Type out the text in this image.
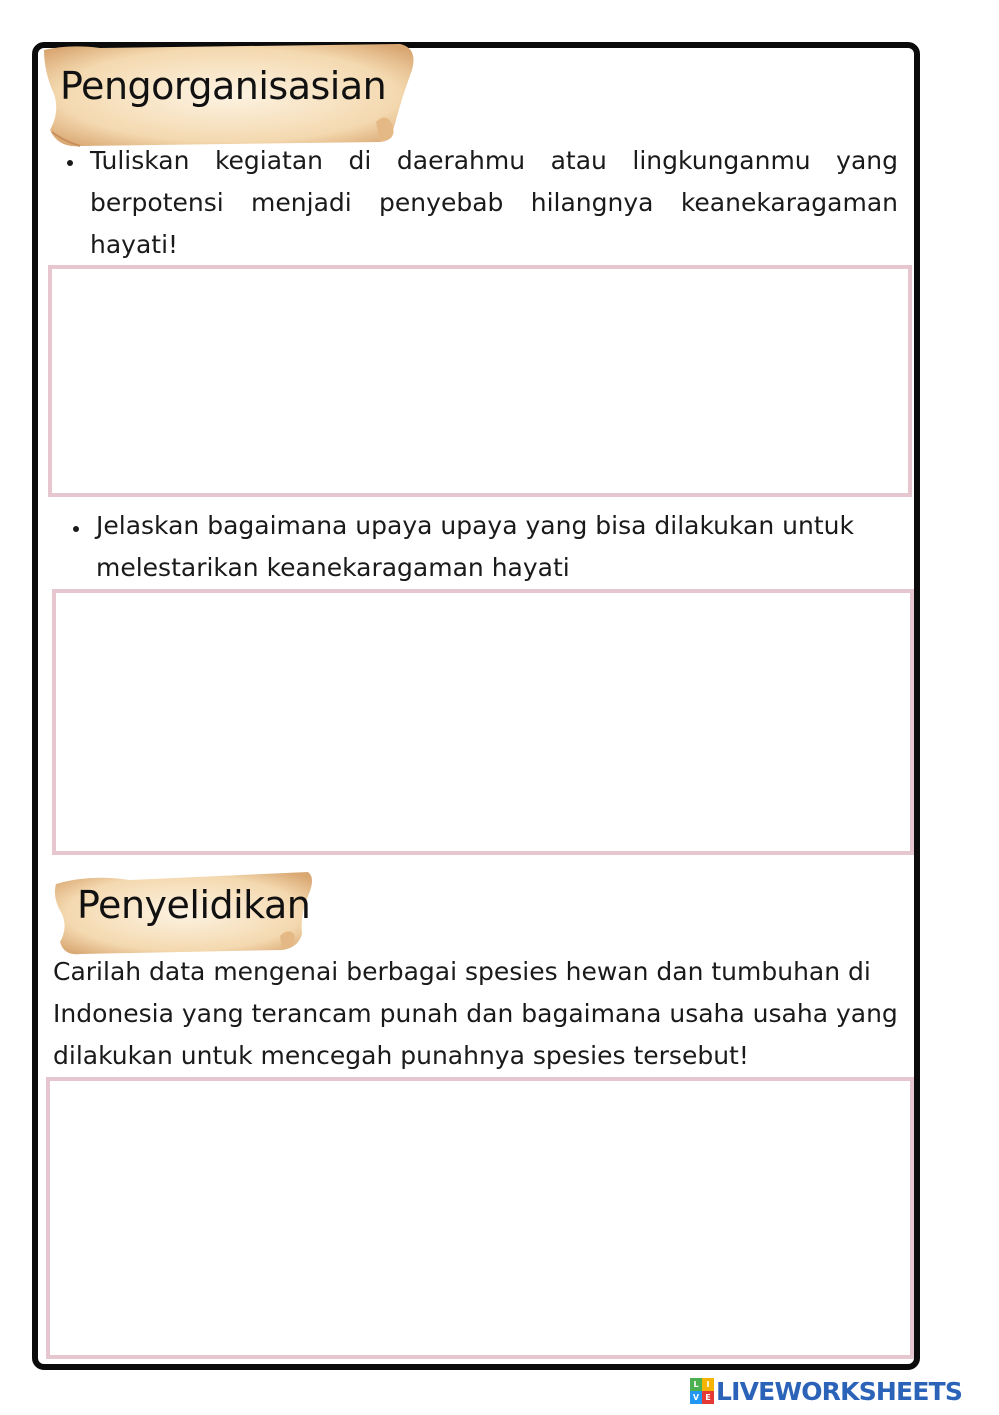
Pengorganisasian
Tuliskan kegiatan di daerahmu atau lingkunganmu yang berpotensi menjadi penyebab hilangnya keanekaragaman hayati!
Jelaskan bagaimana upaya upaya yang bisa dilakukan untuk melestarikan keanekaragaman hayati
Penyelidikan
Carilah data mengenai berbagai spesies hewan dan tumbuhan di Indonesia yang terancam punah dan bagaimana usaha usaha yang dilakukan untuk mencegah punahnya spesies tersebut!
L I
V E LIVEWORKSHEETS
